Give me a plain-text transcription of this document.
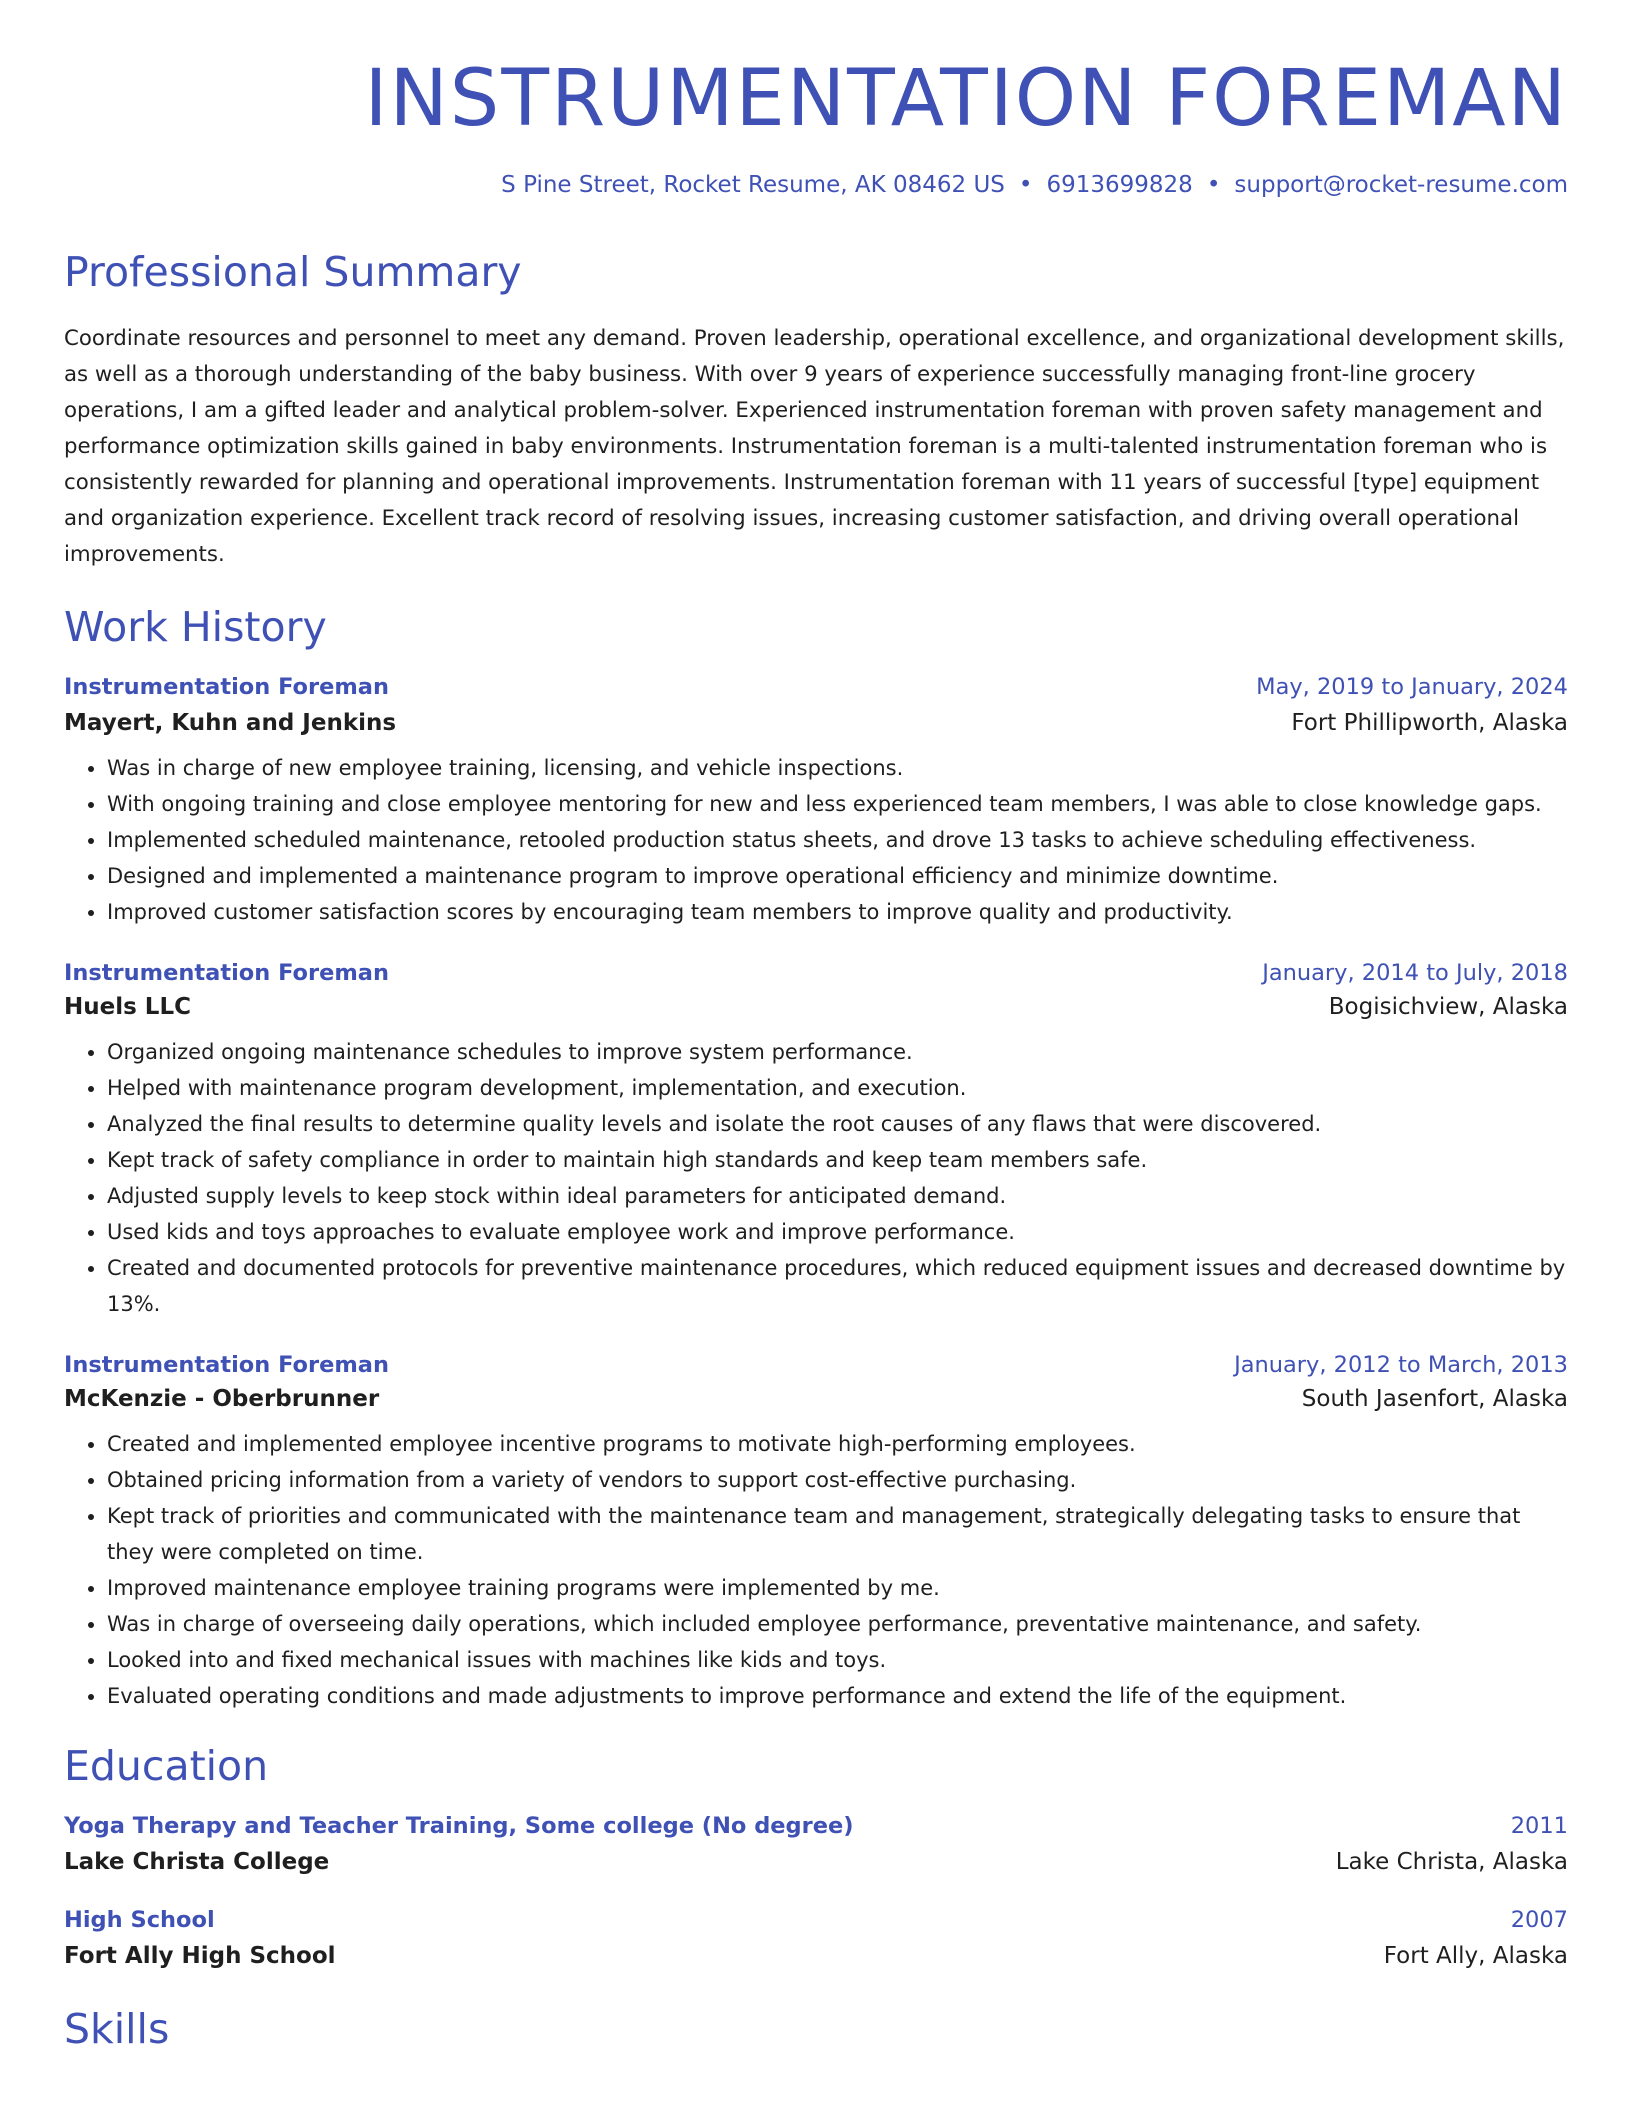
INSTRUMENTATION FOREMAN
S Pine Street, Rocket Resume, AK 08462 US • 6913699828 • support@rocket-resume.com
Professional Summary
Coordinate resources and personnel to meet any demand. Proven leadership, operational excellence, and organizational development skills, as well as a thorough understanding of the baby business. With over 9 years of experience successfully managing front-line grocery operations, I am a gifted leader and analytical problem-solver. Experienced instrumentation foreman with proven safety management and performance optimization skills gained in baby environments. Instrumentation foreman is a multi-talented instrumentation foreman who is consistently rewarded for planning and operational improvements. Instrumentation foreman with 11 years of successful [type] equipment and organization experience. Excellent track record of resolving issues, increasing customer satisfaction, and driving overall operational improvements.
Work History
Instrumentation Foreman	May, 2019 to January, 2024
Mayert, Kuhn and Jenkins	Fort Phillipworth, Alaska
• Was in charge of new employee training, licensing, and vehicle inspections.
• With ongoing training and close employee mentoring for new and less experienced team members, I was able to close knowledge gaps.
• Implemented scheduled maintenance, retooled production status sheets, and drove 13 tasks to achieve scheduling effectiveness.
• Designed and implemented a maintenance program to improve operational efficiency and minimize downtime.
• Improved customer satisfaction scores by encouraging team members to improve quality and productivity.
Instrumentation Foreman	January, 2014 to July, 2018
Huels LLC	Bogisichview, Alaska
• Organized ongoing maintenance schedules to improve system performance.
• Helped with maintenance program development, implementation, and execution.
• Analyzed the final results to determine quality levels and isolate the root causes of any flaws that were discovered.
• Kept track of safety compliance in order to maintain high standards and keep team members safe.
• Adjusted supply levels to keep stock within ideal parameters for anticipated demand.
• Used kids and toys approaches to evaluate employee work and improve performance.
• Created and documented protocols for preventive maintenance procedures, which reduced equipment issues and decreased downtime by 13%.
Instrumentation Foreman	January, 2012 to March, 2013
McKenzie - Oberbrunner	South Jasenfort, Alaska
• Created and implemented employee incentive programs to motivate high-performing employees.
• Obtained pricing information from a variety of vendors to support cost-effective purchasing.
• Kept track of priorities and communicated with the maintenance team and management, strategically delegating tasks to ensure that they were completed on time.
• Improved maintenance employee training programs were implemented by me.
• Was in charge of overseeing daily operations, which included employee performance, preventative maintenance, and safety.
• Looked into and fixed mechanical issues with machines like kids and toys.
• Evaluated operating conditions and made adjustments to improve performance and extend the life of the equipment.
Education
Yoga Therapy and Teacher Training, Some college (No degree)	2011
Lake Christa College	Lake Christa, Alaska
High School	2007
Fort Ally High School	Fort Ally, Alaska
Skills
